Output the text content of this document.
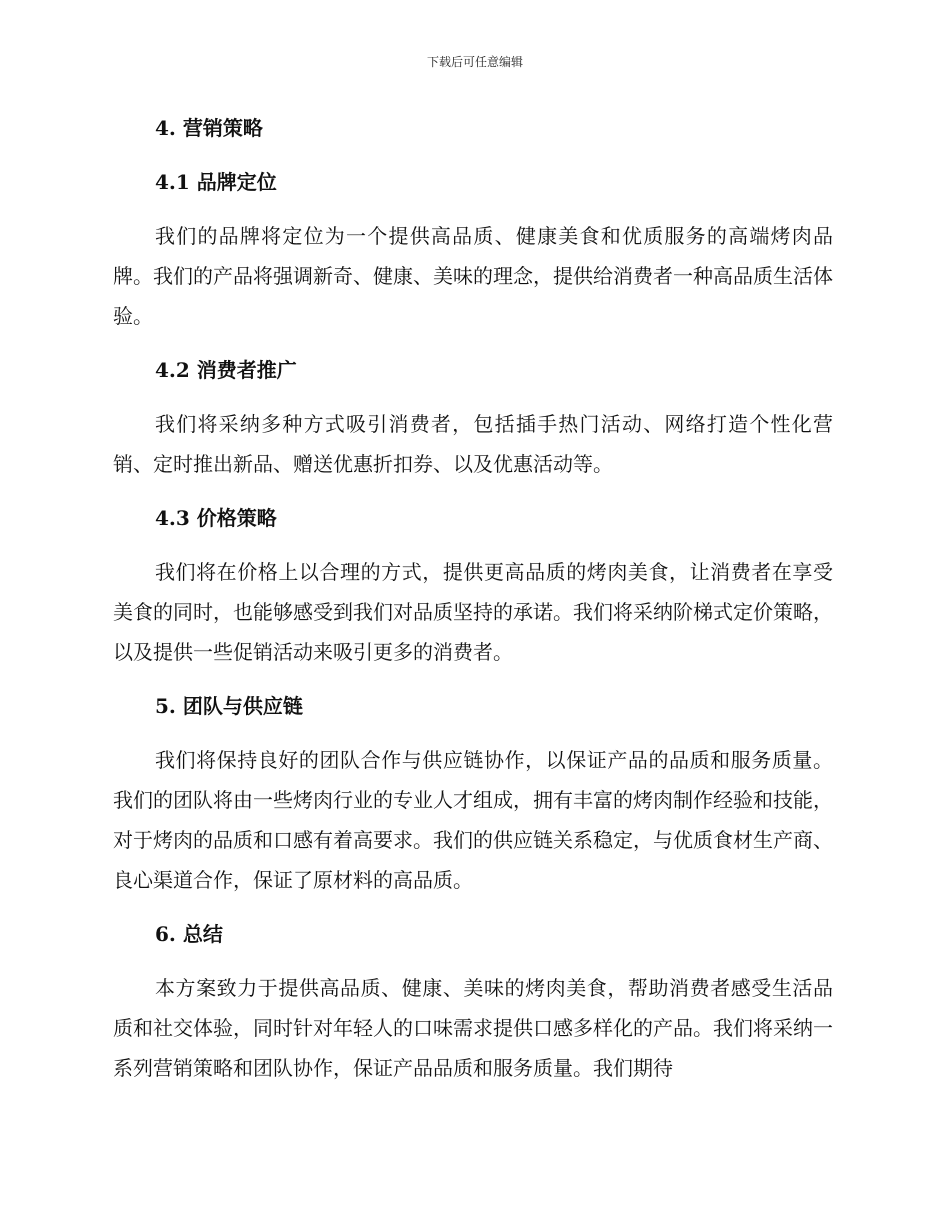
下载后可任意编辑
4. 营销策略
4.1 品牌定位

我们的品牌将定位为一个提供高品质、健康美食和优质服务的高端烤肉品牌。我们的产品将强调新奇、健康、美味的理念，提供给消费者一种高品质生活体验。

4.2 消费者推广

我们将采纳多种方式吸引消费者，包括插手热门活动、网络打造个性化营销、定时推出新品、赠送优惠折扣券、以及优惠活动等。

4.3 价格策略

我们将在价格上以合理的方式，提供更高品质的烤肉美食，让消费者在享受美食的同时，也能够感受到我们对品质坚持的承诺。我们将采纳阶梯式定价策略，以及提供一些促销活动来吸引更多的消费者。

5. 团队与供应链

我们将保持良好的团队合作与供应链协作，以保证产品的品质和服务质量。我们的团队将由一些烤肉行业的专业人才组成，拥有丰富的烤肉制作经验和技能，对于烤肉的品质和口感有着高要求。我们的供应链关系稳定，与优质食材生产商、良心渠道合作，保证了原材料的高品质。

6. 总结

本方案致力于提供高品质、健康、美味的烤肉美食，帮助消费者感受生活品质和社交体验，同时针对年轻人的口味需求提供口感多样化的产品。我们将采纳一系列营销策略和团队协作，保证产品品质和服务质量。我们期待
